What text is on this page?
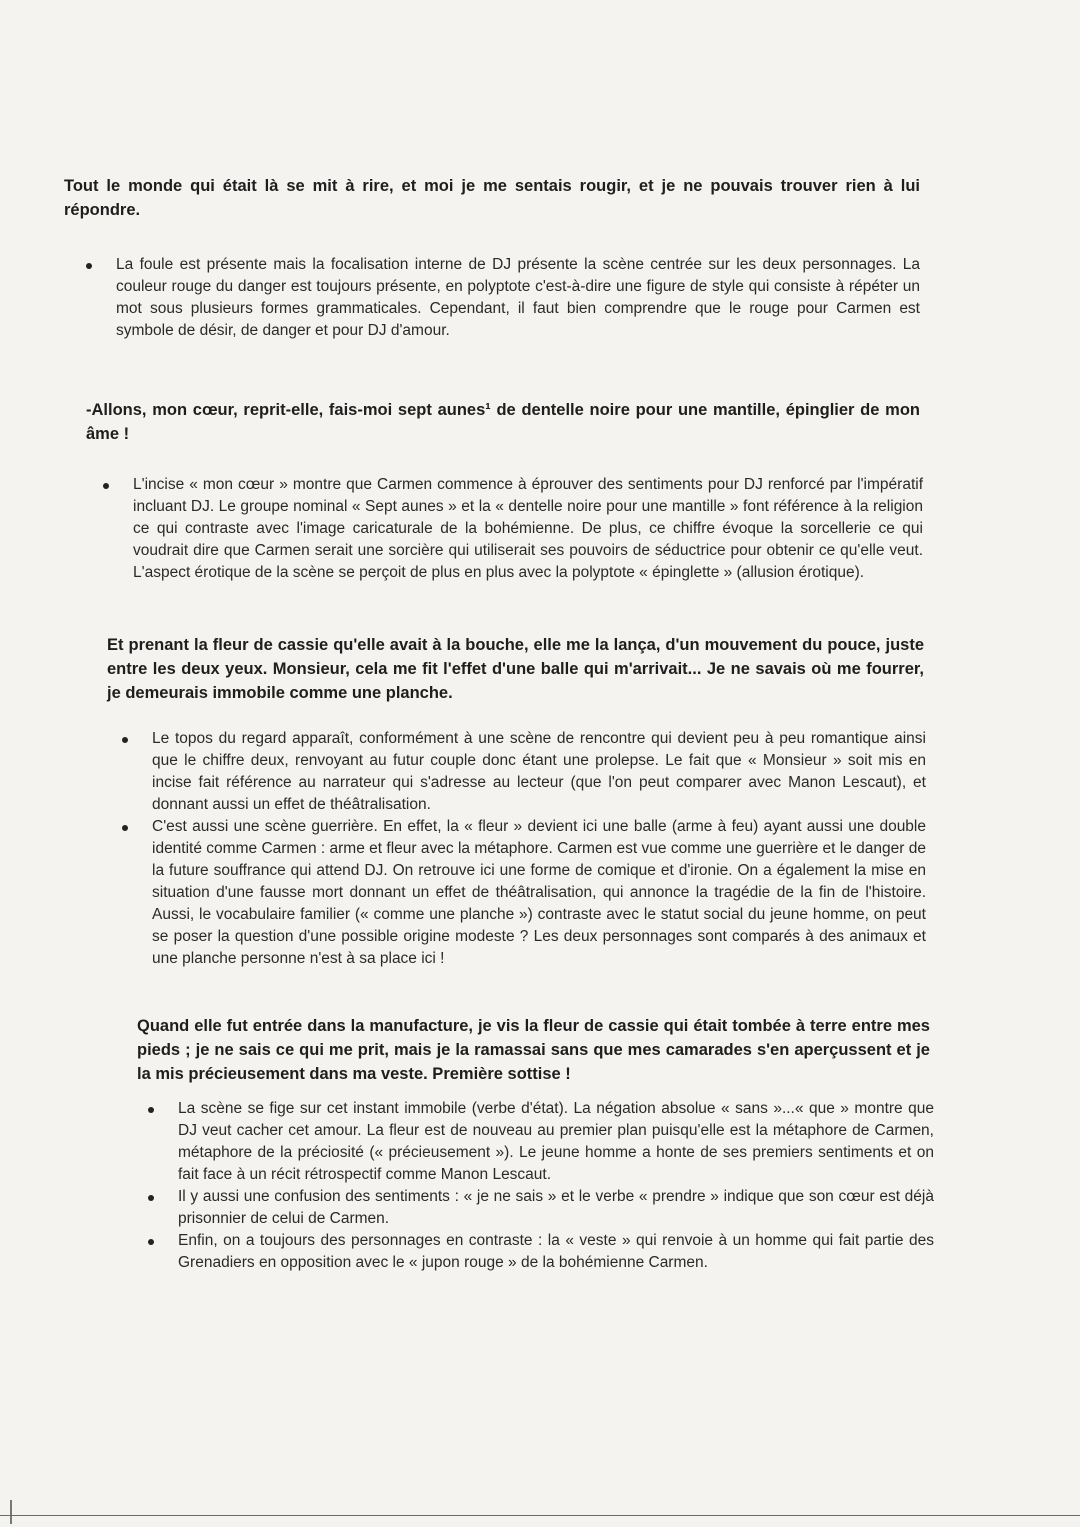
Tout le monde qui était là se mit à rire, et moi je me sentais rougir, et je ne pouvais trouver rien à lui répondre.
La foule est présente mais la focalisation interne de DJ présente la scène centrée sur les deux personnages. La couleur rouge du danger est toujours présente, en polyptote c'est-à-dire une figure de style qui consiste à répéter un mot sous plusieurs formes grammaticales. Cependant, il faut bien comprendre que le rouge pour Carmen est symbole de désir, de danger et pour DJ d'amour.
-Allons, mon cœur, reprit-elle, fais-moi sept aunes¹ de dentelle noire pour une mantille, épinglier de mon âme !
L'incise « mon cœur » montre que Carmen commence à éprouver des sentiments pour DJ renforcé par l'impératif incluant DJ. Le groupe nominal « Sept aunes » et la « dentelle noire pour une mantille » font référence à la religion ce qui contraste avec l'image caricaturale de la bohémienne. De plus, ce chiffre évoque la sorcellerie ce qui voudrait dire que Carmen serait une sorcière qui utiliserait ses pouvoirs de séductrice pour obtenir ce qu'elle veut. L'aspect érotique de la scène se perçoit de plus en plus avec la polyptote « épinglette » (allusion érotique).
Et prenant la fleur de cassie qu'elle avait à la bouche, elle me la lança, d'un mouvement du pouce, juste entre les deux yeux. Monsieur, cela me fit l'effet d'une balle qui m'arrivait... Je ne savais où me fourrer, je demeurais immobile comme une planche.
Le topos du regard apparaît, conformément à une scène de rencontre qui devient peu à peu romantique ainsi que le chiffre deux, renvoyant au futur couple donc étant une prolepse. Le fait que « Monsieur » soit mis en incise fait référence au narrateur qui s'adresse au lecteur (que l'on peut comparer avec Manon Lescaut), et donnant aussi un effet de théâtralisation.
C'est aussi une scène guerrière. En effet, la « fleur » devient ici une balle (arme à feu) ayant aussi une double identité comme Carmen : arme et fleur avec la métaphore. Carmen est vue comme une guerrière et le danger de la future souffrance qui attend DJ. On retrouve ici une forme de comique et d'ironie. On a également la mise en situation d'une fausse mort donnant un effet de théâtralisation, qui annonce la tragédie de la fin de l'histoire. Aussi, le vocabulaire familier (« comme une planche ») contraste avec le statut social du jeune homme, on peut se poser la question d'une possible origine modeste ? Les deux personnages sont comparés à des animaux et une planche personne n'est à sa place ici !
Quand elle fut entrée dans la manufacture, je vis la fleur de cassie qui était tombée à terre entre mes pieds ; je ne sais ce qui me prit, mais je la ramassai sans que mes camarades s'en aperçussent et je la mis précieusement dans ma veste. Première sottise !
La scène se fige sur cet instant immobile (verbe d'état). La négation absolue « sans »...« que » montre que DJ veut cacher cet amour. La fleur est de nouveau au premier plan puisqu'elle est la métaphore de Carmen, métaphore de la préciosité (« précieusement »). Le jeune homme a honte de ses premiers sentiments et on fait face à un récit rétrospectif comme Manon Lescaut.
Il y aussi une confusion des sentiments : « je ne sais » et le verbe « prendre » indique que son cœur est déjà prisonnier de celui de Carmen.
Enfin, on a toujours des personnages en contraste : la « veste » qui renvoie à un homme qui fait partie des Grenadiers en opposition avec le « jupon rouge » de la bohémienne Carmen.
